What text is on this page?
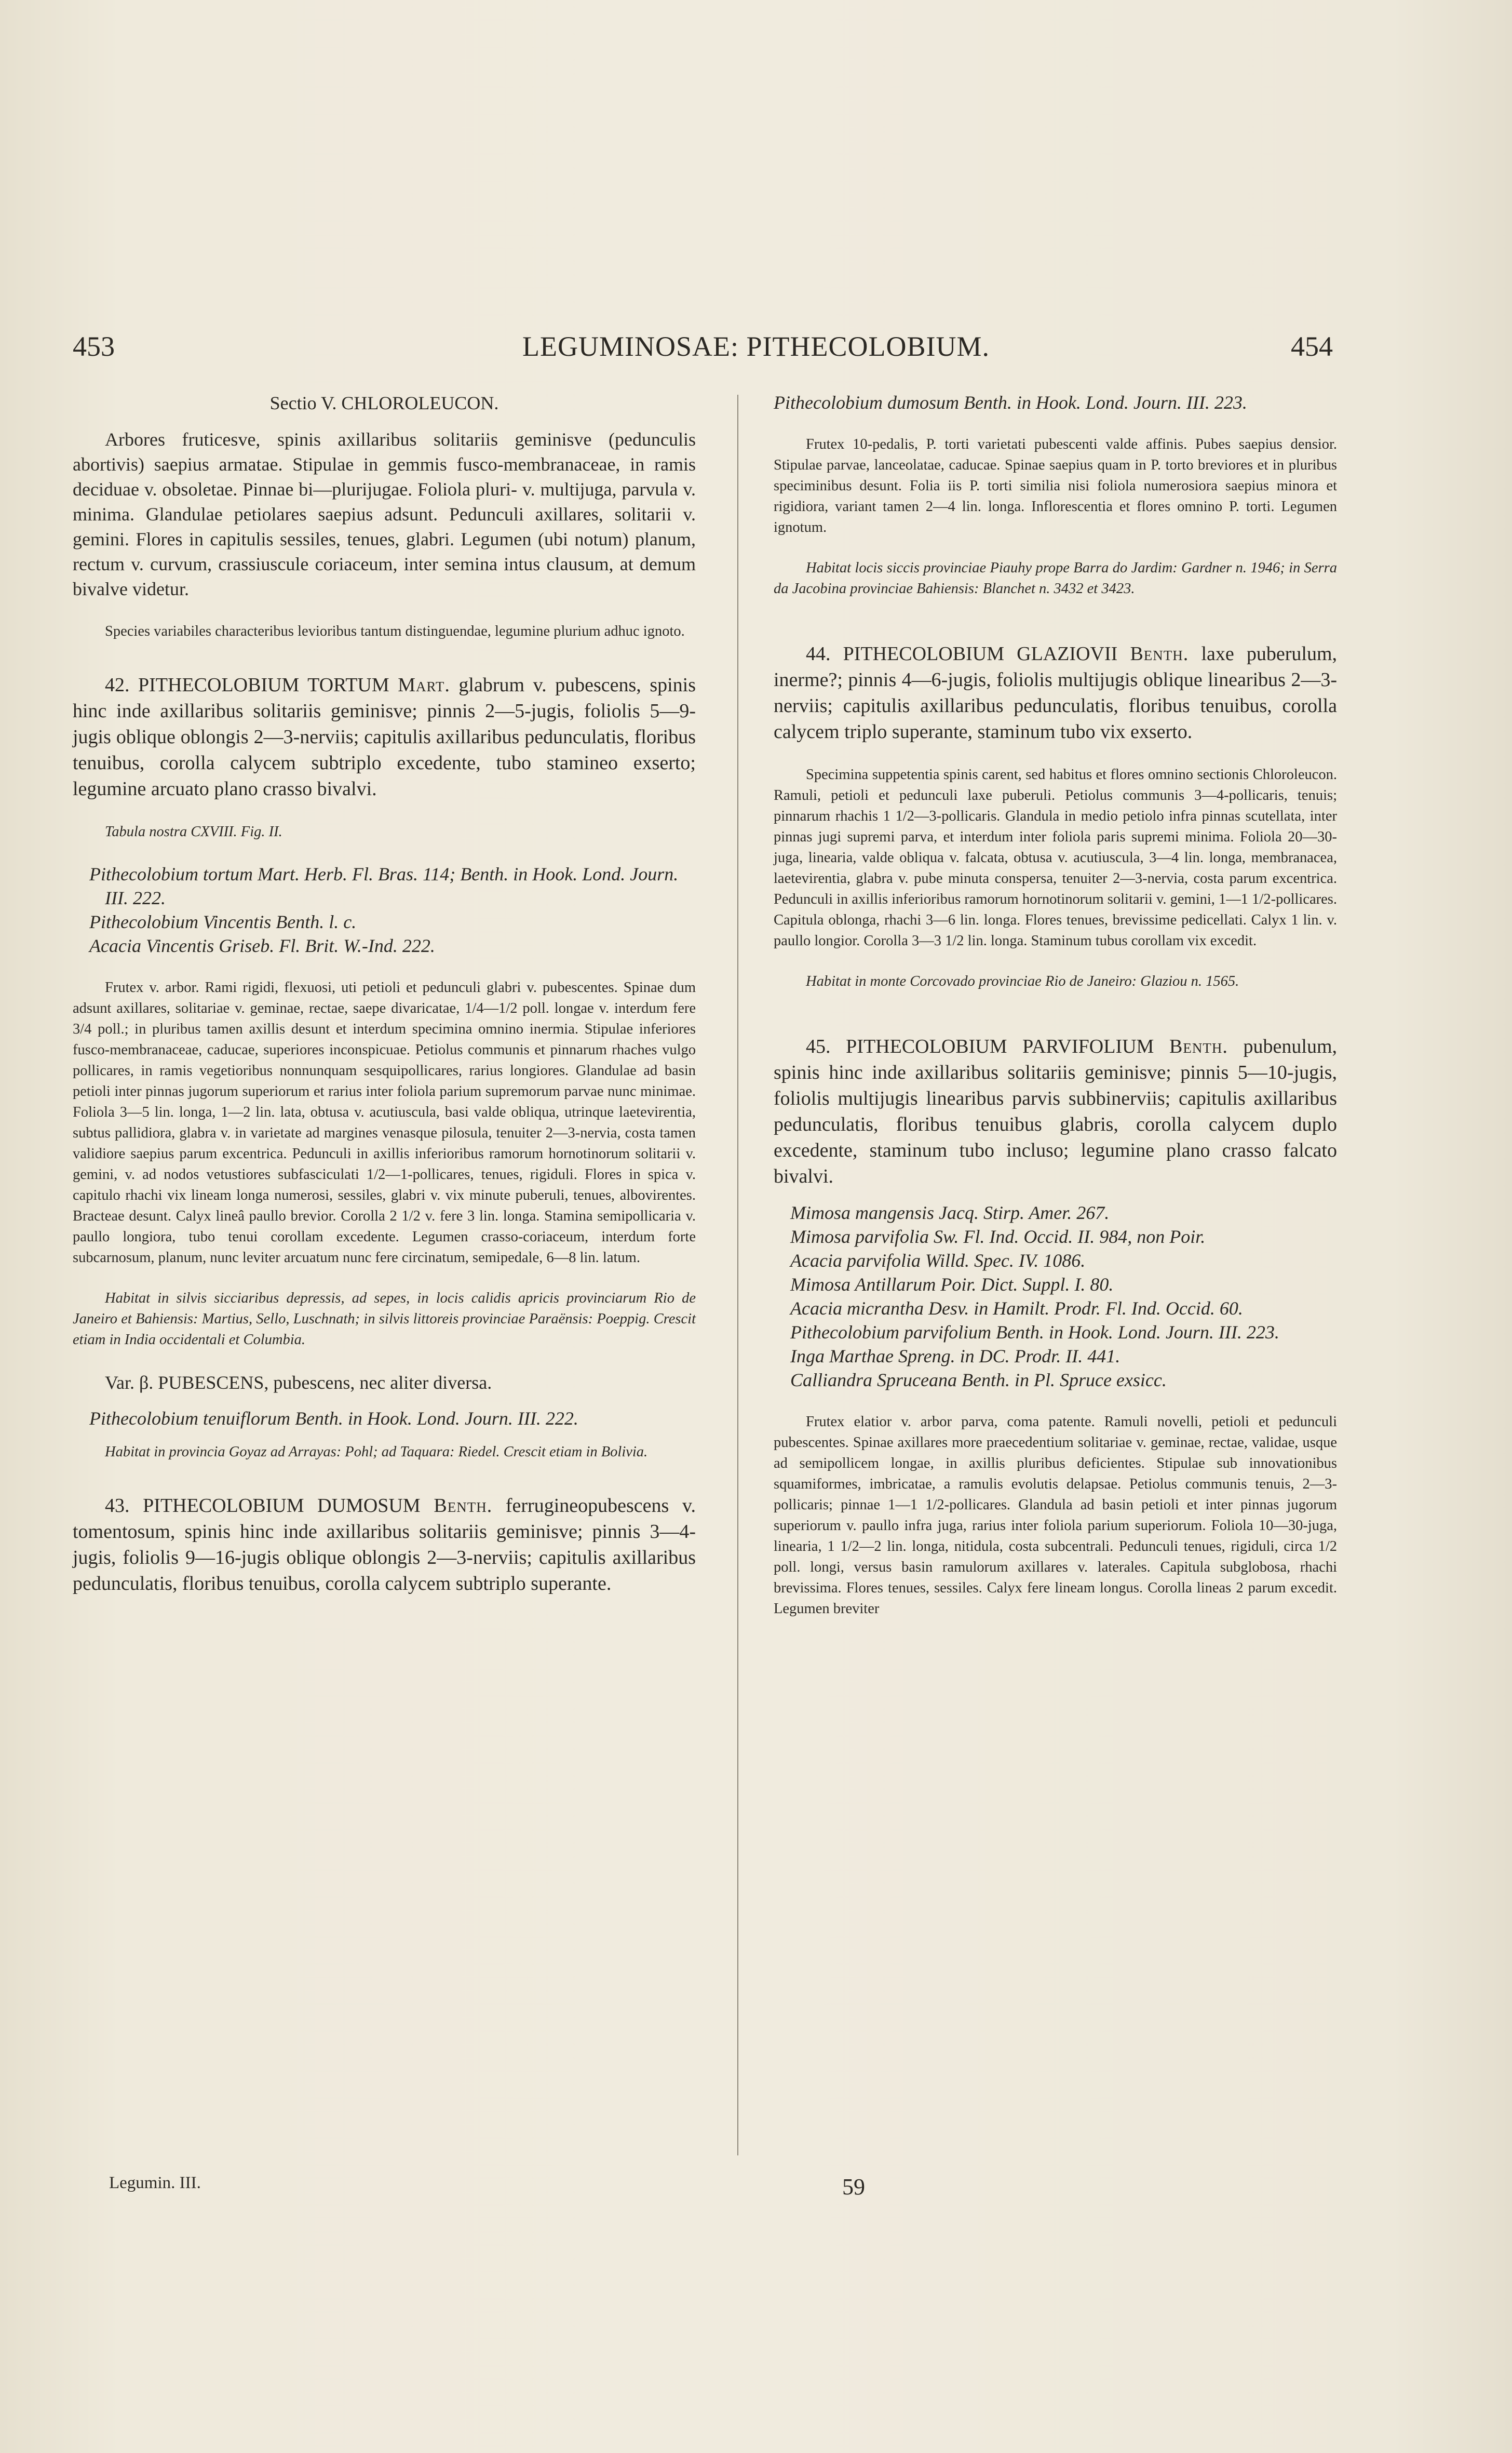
453	LEGUMINOSAE: PITHECOLOBIUM.	454

Sectio V. CHLOROLEUCON.

Arbores fruticesve, spinis axillaribus solitariis geminisve (pedunculis abortivis) saepius armatae. Stipulae in gemmis fusco-membranaceae, in ramis deciduae v. obsoletae. Pinnae bi—plurijugae. Foliola pluri- v. multijuga, parvula v. minima. Glandulae petiolares saepius adsunt. Pedunculi axillares, solitarii v. gemini. Flores in capitulis sessiles, tenues, glabri. Legumen (ubi notum) planum, rectum v. curvum, crassiuscule coriaceum, inter semina intus clausum, at demum bivalve videtur.

Species variabiles characteribus levioribus tantum distinguendae, legumine plurium adhuc ignoto.

42. PITHECOLOBIUM TORTUM Mart. glabrum v. pubescens, spinis hinc inde axillaribus solitariis geminisve; pinnis 2—5-jugis, foliolis 5—9-jugis oblique oblongis 2—3-nerviis; capitulis axillaribus pedunculatis, floribus tenuibus, corolla calycem subtriplo excedente, tubo stamineo exserto; legumine arcuato plano crasso bivalvi.

Tabula nostra CXVIII. Fig. II.

Pithecolobium tortum Mart. Herb. Fl. Bras. 114; Benth. in Hook. Lond. Journ. III. 222.

Pithecolobium Vincentis Benth. l. c.

Acacia Vincentis Griseb. Fl. Brit. W.-Ind. 222.

Frutex v. arbor. Rami rigidi, flexuosi, uti petioli et pedunculi glabri v. pubescentes. Spinae dum adsunt axillares, solitariae v. geminae, rectae, saepe divaricatae, 1/4—1/2 poll. longae v. interdum fere 3/4 poll.; in pluribus tamen axillis desunt et interdum specimina omnino inermia. Stipulae inferiores fusco-membranaceae, caducae, superiores inconspicuae. Petiolus communis et pinnarum rhaches vulgo pollicares, in ramis vegetioribus nonnunquam sesquipollicares, rarius longiores. Glandulae ad basin petioli inter pinnas jugorum superiorum et rarius inter foliola parium supremorum parvae nunc minimae. Foliola 3—5 lin. longa, 1—2 lin. lata, obtusa v. acutiuscula, basi valde obliqua, utrinque laetevirentia, subtus pallidiora, glabra v. in varietate ad margines venasque pilosula, tenuiter 2—3-nervia, costa tamen validiore saepius parum excentrica. Pedunculi in axillis inferioribus ramorum hornotinorum solitarii v. gemini, v. ad nodos vetustiores subfasciculati 1/2—1-pollicares, tenues, rigiduli. Flores in spica v. capitulo rhachi vix lineam longa numerosi, sessiles, glabri v. vix minute puberuli, tenues, albovirentes. Bracteae desunt. Calyx lineâ paullo brevior. Corolla 2 1/2 v. fere 3 lin. longa. Stamina semipollicaria v. paullo longiora, tubo tenui corollam excedente. Legumen crasso-coriaceum, interdum forte subcarnosum, planum, nunc leviter arcuatum nunc fere circinatum, semipedale, 6—8 lin. latum.

Habitat in silvis sicciaribus depressis, ad sepes, in locis calidis apricis provinciarum Rio de Janeiro et Bahiensis: Martius, Sello, Luschnath; in silvis littoreis provinciae Paraënsis: Poeppig. Crescit etiam in India occidentali et Columbia.

Var. β. PUBESCENS, pubescens, nec aliter diversa.

Pithecolobium tenuiflorum Benth. in Hook. Lond. Journ. III. 222.

Habitat in provincia Goyaz ad Arrayas: Pohl; ad Taquara: Riedel. Crescit etiam in Bolivia.

43. PITHECOLOBIUM DUMOSUM Benth. ferrugineopubescens v. tomentosum, spinis hinc inde axillaribus solitariis geminisve; pinnis 3—4-jugis, foliolis 9—16-jugis oblique oblongis 2—3-nerviis; capitulis axillaribus pedunculatis, floribus tenuibus, corolla calycem subtriplo superante.

Legumin. III.

Pithecolobium dumosum Benth. in Hook. Lond. Journ. III. 223.

Frutex 10-pedalis, P. torti varietati pubescenti valde affinis. Pubes saepius densior. Stipulae parvae, lanceolatae, caducae. Spinae saepius quam in P. torto breviores et in pluribus speciminibus desunt. Folia iis P. torti similia nisi foliola numerosiora saepius minora et rigidiora, variant tamen 2—4 lin. longa. Inflorescentia et flores omnino P. torti. Legumen ignotum.

Habitat locis siccis provinciae Piauhy prope Barra do Jardim: Gardner n. 1946; in Serra da Jacobina provinciae Bahiensis: Blanchet n. 3432 et 3423.

44. PITHECOLOBIUM GLAZIOVII Benth. laxe puberulum, inerme?; pinnis 4—6-jugis, foliolis multijugis oblique linearibus 2—3-nerviis; capitulis axillaribus pedunculatis, floribus tenuibus, corolla calycem triplo superante, staminum tubo vix exserto.

Specimina suppetentia spinis carent, sed habitus et flores omnino sectionis Chloroleucon. Ramuli, petioli et pedunculi laxe puberuli. Petiolus communis 3—4-pollicaris, tenuis; pinnarum rhachis 1 1/2—3-pollicaris. Glandula in medio petiolo infra pinnas scutellata, inter pinnas jugi supremi parva, et interdum inter foliola paris supremi minima. Foliola 20—30-juga, linearia, valde obliqua v. falcata, obtusa v. acutiuscula, 3—4 lin. longa, membranacea, laetevirentia, glabra v. pube minuta conspersa, tenuiter 2—3-nervia, costa parum excentrica. Pedunculi in axillis inferioribus ramorum hornotinorum solitarii v. gemini, 1—1 1/2-pollicares. Capitula oblonga, rhachi 3—6 lin. longa. Flores tenues, brevissime pedicellati. Calyx 1 lin. v. paullo longior. Corolla 3—3 1/2 lin. longa. Staminum tubus corollam vix excedit.

Habitat in monte Corcovado provinciae Rio de Janeiro: Glaziou n. 1565.

45. PITHECOLOBIUM PARVIFOLIUM Benth. pubenulum, spinis hinc inde axillaribus solitariis geminisve; pinnis 5—10-jugis, foliolis multijugis linearibus parvis subbinerviis; capitulis axillaribus pedunculatis, floribus tenuibus glabris, corolla calycem duplo excedente, staminum tubo incluso; legumine plano crasso falcato bivalvi.

Mimosa mangensis Jacq. Stirp. Amer. 267.

Mimosa parvifolia Sw. Fl. Ind. Occid. II. 984, non Poir.

Acacia parvifolia Willd. Spec. IV. 1086.

Mimosa Antillarum Poir. Dict. Suppl. I. 80.

Acacia micrantha Desv. in Hamilt. Prodr. Fl. Ind. Occid. 60.

Pithecolobium parvifolium Benth. in Hook. Lond. Journ. III. 223.

Inga Marthae Spreng. in DC. Prodr. II. 441.

Calliandra Spruceana Benth. in Pl. Spruce exsicc.

Frutex elatior v. arbor parva, coma patente. Ramuli novelli, petioli et pedunculi pubescentes. Spinae axillares more praecedentium solitariae v. geminae, rectae, validae, usque ad semipollicem longae, in axillis pluribus deficientes. Stipulae sub innovationibus squamiformes, imbricatae, a ramulis evolutis delapsae. Petiolus communis tenuis, 2—3-pollicaris; pinnae 1—1 1/2-pollicares. Glandula ad basin petioli et inter pinnas jugorum superiorum v. paullo infra juga, rarius inter foliola parium superiorum. Foliola 10—30-juga, linearia, 1 1/2—2 lin. longa, nitidula, costa subcentrali. Pedunculi tenues, rigiduli, circa 1/2 poll. longi, versus basin ramulorum axillares v. laterales. Capitula subglobosa, rhachi brevissima. Flores tenues, sessiles. Calyx fere lineam longus. Corolla lineas 2 parum excedit. Legumen breviter

59
